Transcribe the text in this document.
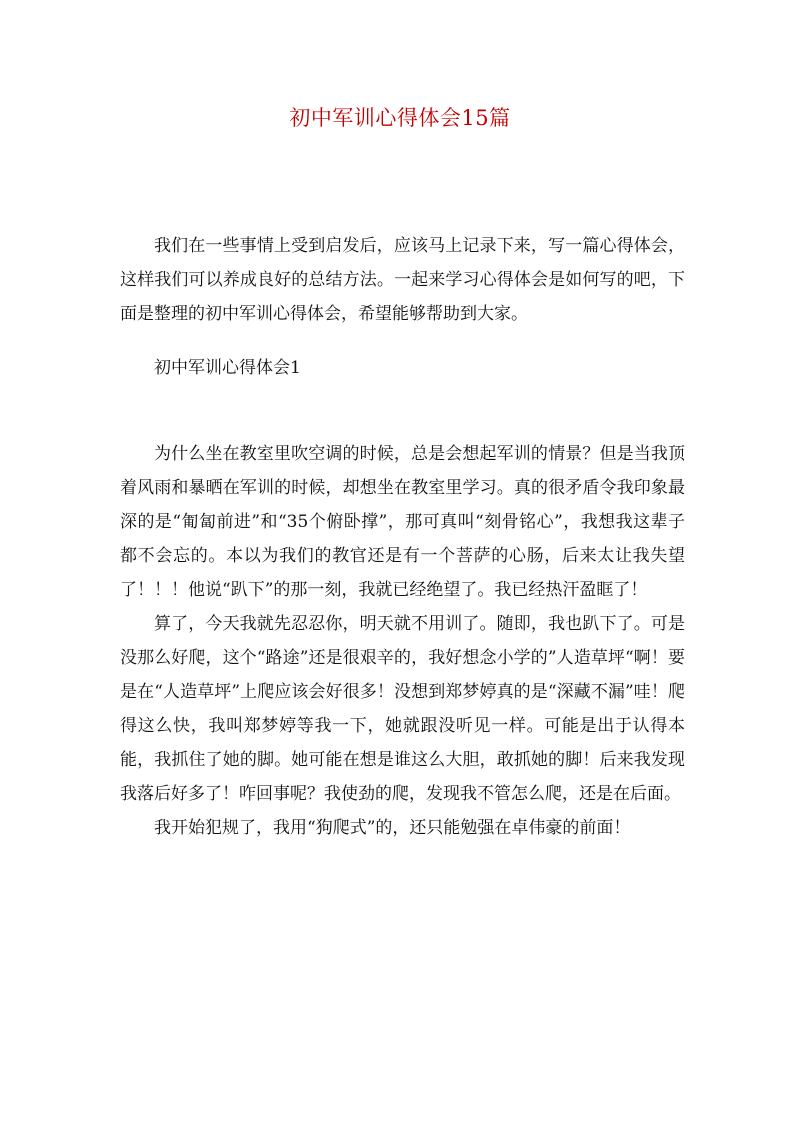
初中军训心得体会15篇

我们在一些事情上受到启发后，应该马上记录下来，写一篇心得体会，这样我们可以养成良好的总结方法。一起来学习心得体会是如何写的吧，下面是整理的初中军训心得体会，希望能够帮助到大家。

初中军训心得体会1

为什么坐在教室里吹空调的时候，总是会想起军训的情景？但是当我顶着风雨和暴晒在军训的时候，却想坐在教室里学习。真的很矛盾令我印象最深的是“匍匐前进”和“35个俯卧撑”，那可真叫“刻骨铭心”，我想我这辈子都不会忘的。本以为我们的教官还是有一个菩萨的心肠，后来太让我失望了！！！他说“趴下”的那一刻，我就已经绝望了。我已经热汗盈眶了！

算了，今天我就先忍忍你，明天就不用训了。随即，我也趴下了。可是没那么好爬，这个“路途”还是很艰辛的，我好想念小学的”人造草坪“啊！要是在“人造草坪”上爬应该会好很多！没想到郑梦婷真的是“深藏不漏”哇！爬得这么快，我叫郑梦婷等我一下，她就跟没听见一样。可能是出于认得本能，我抓住了她的脚。她可能在想是谁这么大胆，敢抓她的脚！后来我发现我落后好多了！咋回事呢？我使劲的爬，发现我不管怎么爬，还是在后面。

我开始犯规了，我用“狗爬式”的，还只能勉强在卓伟豪的前面！
